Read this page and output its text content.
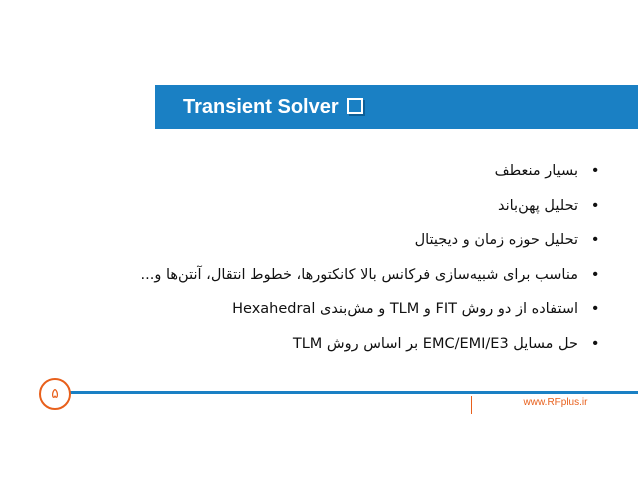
Transient Solver
• بسیار منعطف
• تحلیل پهن‌باند
• تحلیل حوزه زمان و دیجیتال
• مناسب برای شبیه‌سازی فرکانس بالا کانکتورها، خطوط انتقال، آنتن‌ها و...
• استفاده از دو روش FIT و TLM و مش‌بندی Hexahedral
• حل مسایل EMC/EMI/E3 بر اساس روش TLM
۵
www.RFplus.ir
